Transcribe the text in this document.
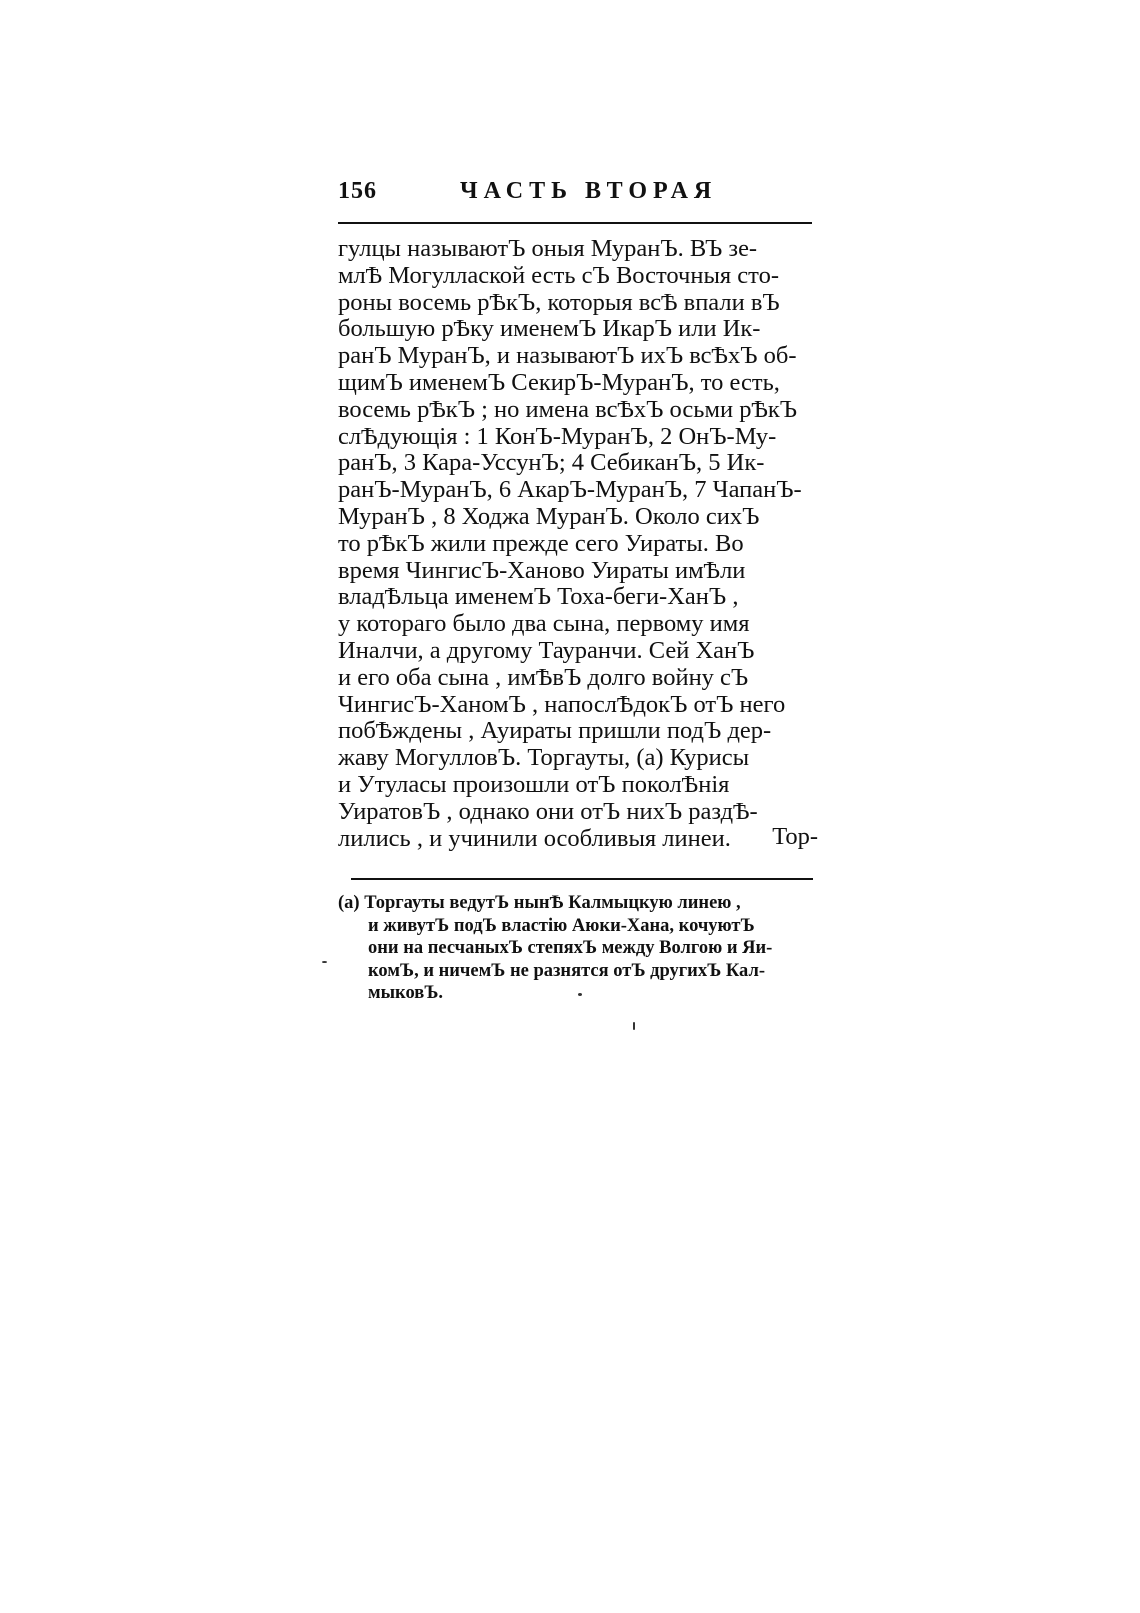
156	ЧАСТЬ ВТОРАЯ
гулцы называютЪ оныя МуранЪ. ВЪ зе-
млѢ Могуллаской есть сЪ Восточныя сто-
роны восемь рѢкЪ, которыя всѢ впали вЪ
большую рѢку именемЪ ИкарЪ или Ик-
ранЪ МуранЪ, и называютЪ ихЪ всѢхЪ об-
щимЪ именемЪ СекирЪ-МуранЪ, то есть,
восемь рѢкЪ ; но имена всѢхЪ осьми рѢкЪ
слѢдующія : 1 КонЪ-МуранЪ, 2 ОнЪ-Му-
ранЪ, 3 Кара-УссунЪ; 4 СебиканЪ, 5 Ик-
ранЪ-МуранЪ, 6 АкарЪ-МуранЪ, 7 ЧапанЪ-
МуранЪ , 8 Ходжа МуранЪ. Около сихЪ
то рѢкЪ жили прежде сего Уираты. Во
время ЧингисЪ-Ханово Уираты имѢли
владѢльца именемЪ Тоха-беги-ХанЪ ,
у котораго было два сына, первому имя
Иналчи, а другому Тауранчи. Сей ХанЪ
и его оба сына , имѢвЪ долго войну сЪ
ЧингисЪ-ХаномЪ , напослѢдокЪ отЪ него
побѢждены , Ауираты пришли подЪ дер-
жаву МогулловЪ. Торгауты, (а) Курисы
и Утуласы произошли отЪ поколѢнія
УиратовЪ , однако они отЪ нихЪ раздѢ-
лились , и учинили особливыя линеи.	Тор-
(а) Торгауты ведутЪ нынѢ Калмыцкую линею ,
и живутЪ подЪ властію Аюки-Хана, кочуютЪ
они на песчаныхЪ степяхЪ между Волгою и Яи-
комЪ, и ничемЪ не разнятся отЪ другихЪ Кал-
мыковЪ.
